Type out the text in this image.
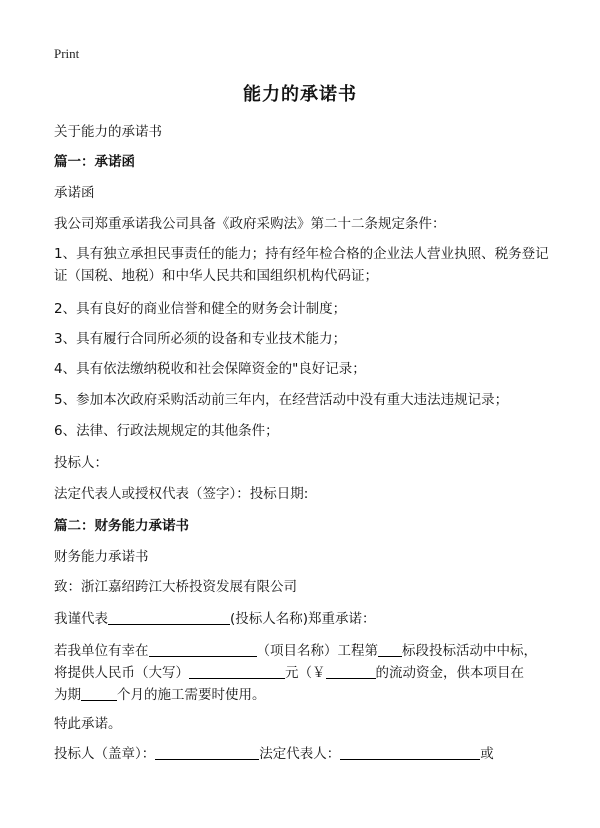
Print
能力的承诺书
关于能力的承诺书
篇一：承诺函
承诺函
我公司郑重承诺我公司具备《政府采购法》第二十二条规定条件：
1、具有独立承担民事责任的能力；持有经年检合格的企业法人营业执照、税务登记证（国税、地税）和中华人民共和国组织机构代码证；
2、具有良好的商业信誉和健全的财务会计制度；
3、具有履行合同所必须的设备和专业技术能力；
4、具有依法缴纳税收和社会保障资金的"良好记录；
5、参加本次政府采购活动前三年内，在经营活动中没有重大违法违规记录；
6、法律、行政法规规定的其他条件；
投标人：
法定代表人或授权代表（签字）：投标日期:
篇二：财务能力承诺书
财务能力承诺书
致：浙江嘉绍跨江大桥投资发展有限公司
我谨代表	(投标人名称)郑重承诺：
若我单位有幸在	（项目名称）工程第 标段投标活动中中标，
将提供人民币（大写）	元（￥	的流动资金，供本项目在
为期	个月的施工需要时使用。
特此承诺。
投标人（盖章）：	法定代表人：	或
